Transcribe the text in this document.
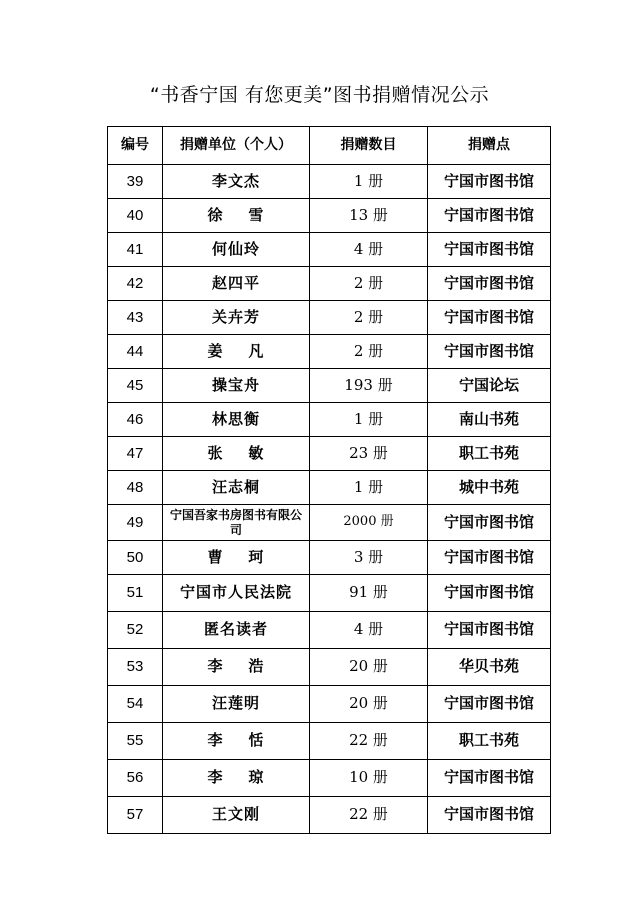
“书香宁国 有您更美”图书捐赠情况公示
编号	捐赠单位（个人）	捐赠数目	捐赠点
39	李文杰	1 册	宁国市图书馆
40	徐    雪	13 册	宁国市图书馆
41	何仙玲	4 册	宁国市图书馆
42	赵四平	2 册	宁国市图书馆
43	关卉芳	2 册	宁国市图书馆
44	姜    凡	2 册	宁国市图书馆
45	操宝舟	193 册	宁国论坛
46	林思衡	1 册	南山书苑
47	张    敏	23 册	职工书苑
48	汪志桐	1 册	城中书苑
49	宁国吾家书房图书有限公司	2000 册	宁国市图书馆
50	曹    珂	3 册	宁国市图书馆
51	宁国市人民法院	91 册	宁国市图书馆
52	匿名读者	4 册	宁国市图书馆
53	李    浩	20 册	华贝书苑
54	汪莲明	20 册	宁国市图书馆
55	李    恬	22 册	职工书苑
56	李    琼	10 册	宁国市图书馆
57	王文刚	22 册	宁国市图书馆
